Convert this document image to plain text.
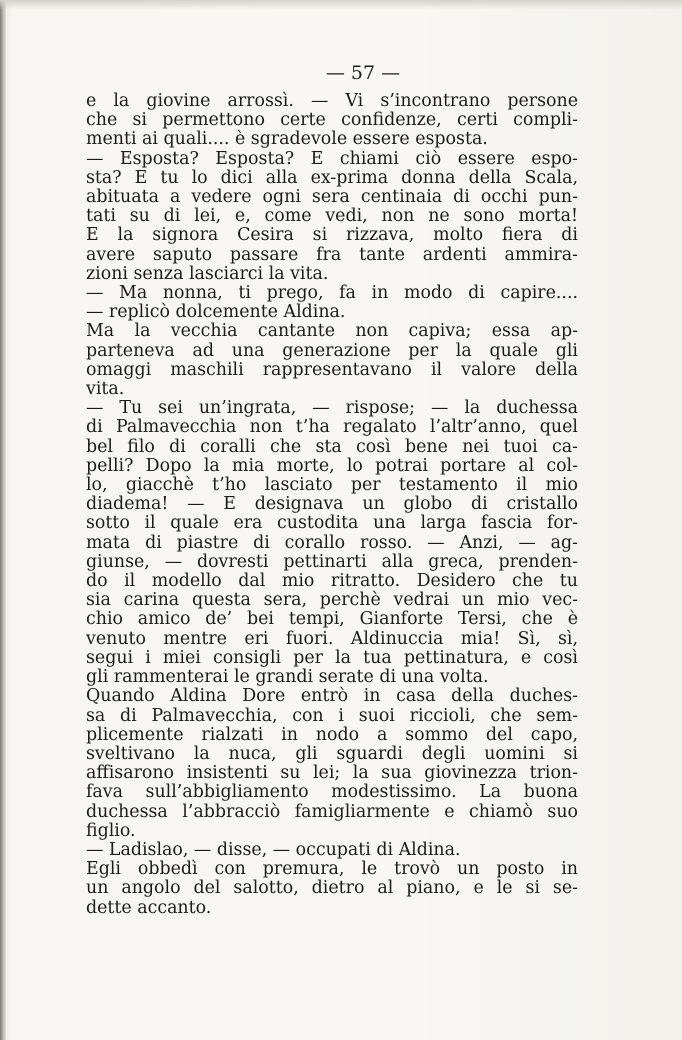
— 57 —
e la giovine arrossì. — Vi s’incontrano persone
che si permettono certe confidenze, certi compli-
menti ai quali.... è sgradevole essere esposta.
— Esposta? Esposta? E chiami ciò essere espo-
sta? E tu lo dici alla ex-prima donna della Scala,
abituata a vedere ogni sera centinaia di occhi pun-
tati su di lei, e, come vedi, non ne sono morta!
E la signora Cesira si rizzava, molto fiera di
avere saputo passare fra tante ardenti ammira-
zioni senza lasciarci la vita.
— Ma nonna, ti prego, fa in modo di capire....
— replicò dolcemente Aldina.
Ma la vecchia cantante non capiva; essa ap-
parteneva ad una generazione per la quale gli
omaggi maschili rappresentavano il valore della
vita.
— Tu sei un’ingrata, — rispose; — la duchessa
di Palmavecchia non t’ha regalato l’altr’anno, quel
bel filo di coralli che sta così bene nei tuoi ca-
pelli? Dopo la mia morte, lo potrai portare al col-
lo, giacchè t’ho lasciato per testamento il mio
diadema! — E designava un globo di cristallo
sotto il quale era custodita una larga fascia for-
mata di piastre di corallo rosso. — Anzi, — ag-
giunse, — dovresti pettinarti alla greca, prenden-
do il modello dal mio ritratto. Desidero che tu
sia carina questa sera, perchè vedrai un mio vec-
chio amico de’ bei tempi, Gianforte Tersi, che è
venuto mentre eri fuori. Aldinuccia mia! Sì, sì,
segui i miei consigli per la tua pettinatura, e così
gli rammenterai le grandi serate di una volta.
Quando Aldina Dore entrò in casa della duches-
sa di Palmavecchia, con i suoi riccioli, che sem-
plicemente rialzati in nodo a sommo del capo,
sveltivano la nuca, gli sguardi degli uomini si
affisarono insistenti su lei; la sua giovinezza trion-
fava sull’abbigliamento modestissimo. La buona
duchessa l’abbracciò famigliarmente e chiamò suo
figlio.
— Ladislao, — disse, — occupati di Aldina.
Egli obbedì con premura, le trovò un posto in
un angolo del salotto, dietro al piano, e le si se-
dette accanto.
